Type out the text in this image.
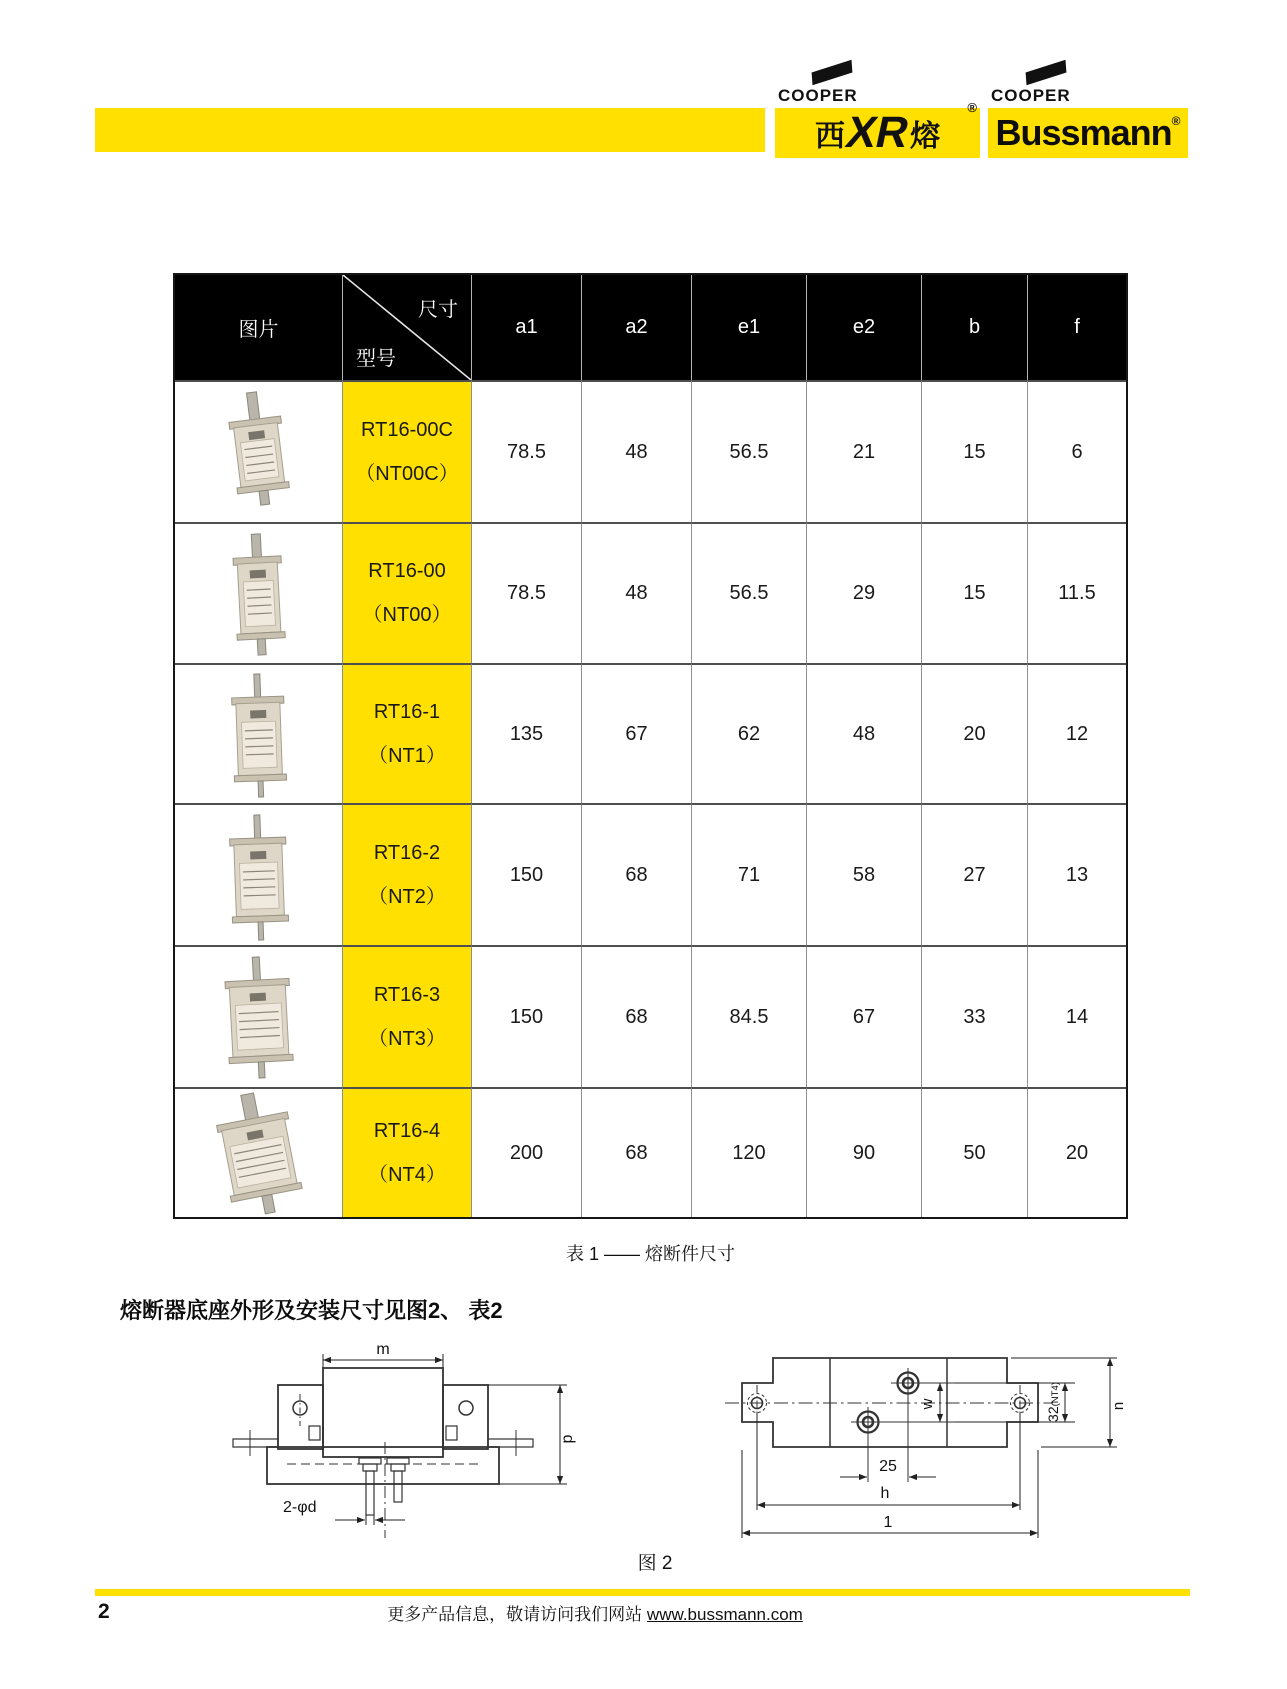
COOPER
西
XR
熔
®
COOPER
Bussmann ®
图片
尺寸
型号
a1	a2	e1	e2	b	f
RT16-00C
（NT00C）
78.5	48	56.5	21	15	6
RT16-00
（NT00）
78.5	48	56.5	29	15	11.5
RT16-1
（NT1）
135	67	62	48	20	12
RT16-2
（NT2）
150	68	71	58	27	13
RT16-3
（NT3）
150	68	84.5	67	33	14
RT16-4
（NT4）
200	68	120	90	50	20
表 1 —— 熔断件尺寸
熔断器底座外形及安装尺寸见图2、 表2
m
p
2-φd
w
25
h
1
32(NT4)	n
图 2
2	更多产品信息，敬请访问我们网站 www.bussmann.com
